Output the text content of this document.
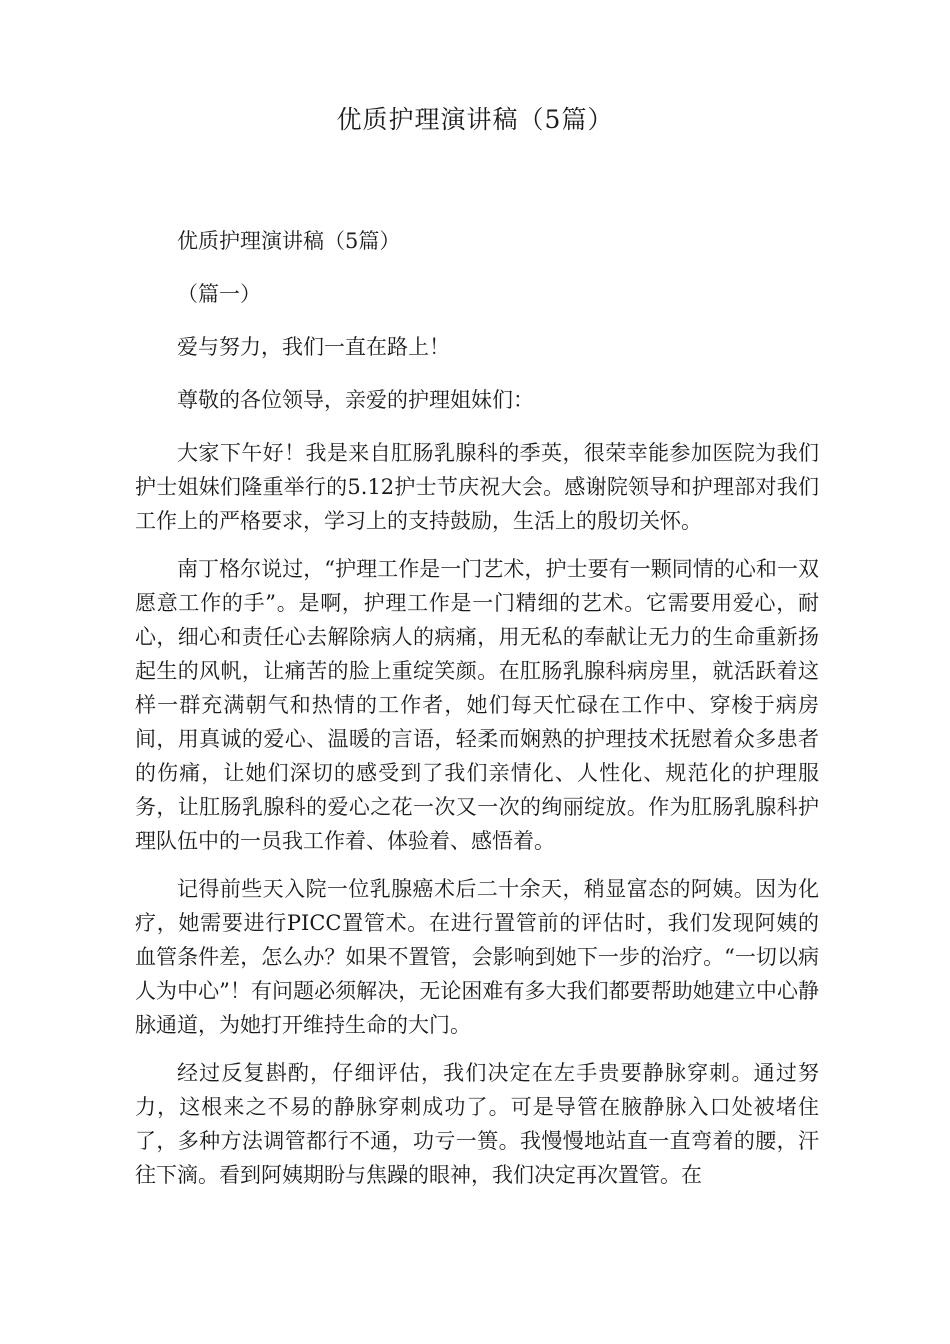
优质护理演讲稿（5篇）

优质护理演讲稿（5篇）

（篇一）

爱与努力，我们一直在路上！

尊敬的各位领导，亲爱的护理姐妹们：

大家下午好！我是来自肛肠乳腺科的季英，很荣幸能参加医院为我们护士姐妹们隆重举行的5.12护士节庆祝大会。感谢院领导和护理部对我们工作上的严格要求，学习上的支持鼓励，生活上的殷切关怀。

南丁格尔说过，“护理工作是一门艺术，护士要有一颗同情的心和一双愿意工作的手”。是啊，护理工作是一门精细的艺术。它需要用爱心，耐心，细心和责任心去解除病人的病痛，用无私的奉献让无力的生命重新扬起生的风帆，让痛苦的脸上重绽笑颜。在肛肠乳腺科病房里，就活跃着这样一群充满朝气和热情的工作者，她们每天忙碌在工作中、穿梭于病房间，用真诚的爱心、温暖的言语，轻柔而娴熟的护理技术抚慰着众多患者的伤痛，让她们深切的感受到了我们亲情化、人性化、规范化的护理服务，让肛肠乳腺科的爱心之花一次又一次的绚丽绽放。作为肛肠乳腺科护理队伍中的一员我工作着、体验着、感悟着。

记得前些天入院一位乳腺癌术后二十余天，稍显富态的阿姨。因为化疗，她需要进行PICC置管术。在进行置管前的评估时，我们发现阿姨的血管条件差，怎么办？如果不置管，会影响到她下一步的治疗。“一切以病人为中心”！有问题必须解决，无论困难有多大我们都要帮助她建立中心静脉通道，为她打开维持生命的大门。

经过反复斟酌，仔细评估，我们决定在左手贵要静脉穿刺。通过努力，这根来之不易的静脉穿刺成功了。可是导管在腋静脉入口处被堵住了，多种方法调管都行不通，功亏一篑。我慢慢地站直一直弯着的腰，汗往下滴。看到阿姨期盼与焦躁的眼神，我们决定再次置管。在
